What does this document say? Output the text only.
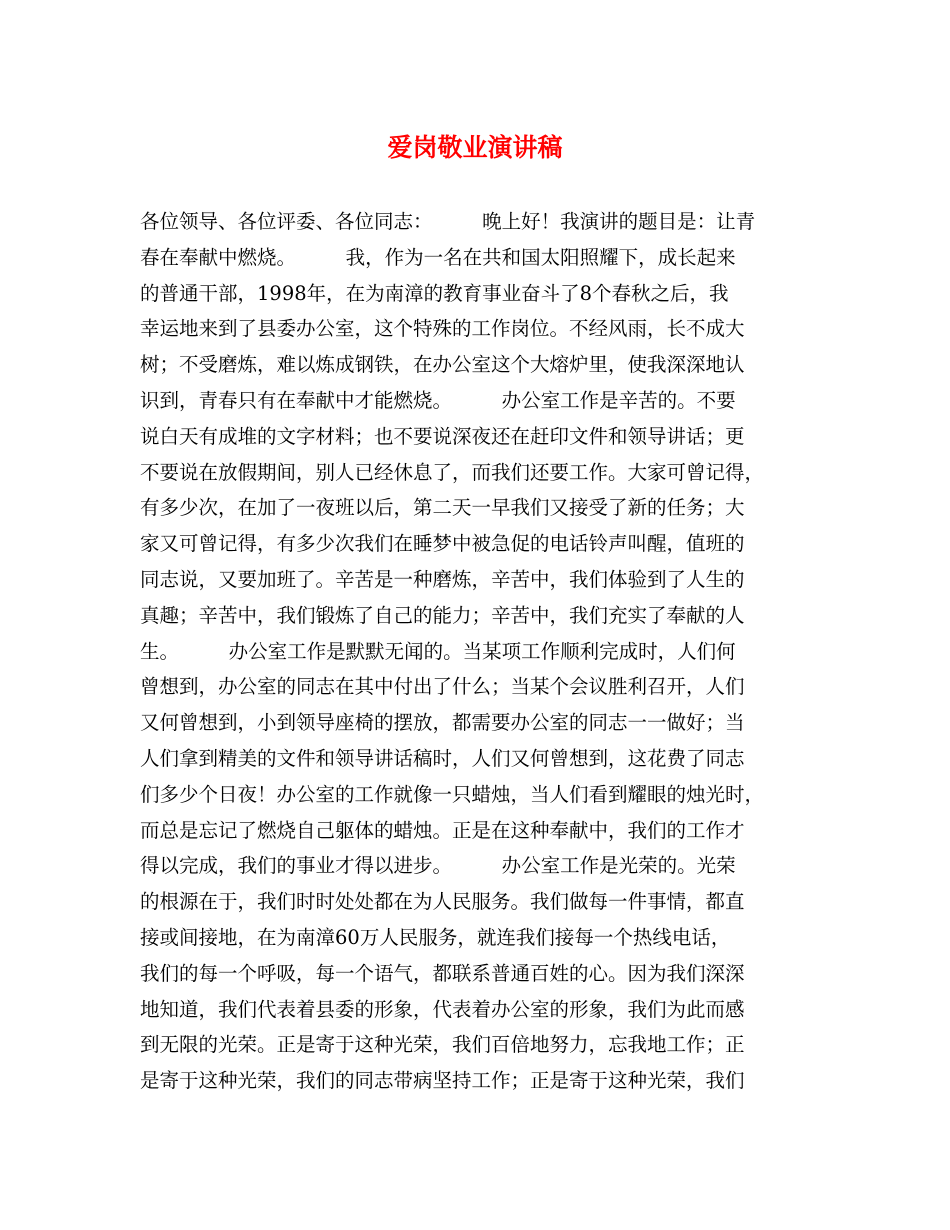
爱岗敬业演讲稿
各位领导、各位评委、各位同志：        晚上好！我演讲的题目是：让青
春在奉献中燃烧。        我，作为一名在共和国太阳照耀下，成长起来
的普通干部，1998年，在为南漳的教育事业奋斗了8个春秋之后，我
幸运地来到了县委办公室，这个特殊的工作岗位。不经风雨，长不成大
树；不受磨炼，难以炼成钢铁，在办公室这个大熔炉里，使我深深地认
识到，青春只有在奉献中才能燃烧。        办公室工作是辛苦的。不要
说白天有成堆的文字材料；也不要说深夜还在赶印文件和领导讲话；更
不要说在放假期间，别人已经休息了，而我们还要工作。大家可曾记得，
有多少次，在加了一夜班以后，第二天一早我们又接受了新的任务；大
家又可曾记得，有多少次我们在睡梦中被急促的电话铃声叫醒，值班的
同志说，又要加班了。辛苦是一种磨炼，辛苦中，我们体验到了人生的
真趣；辛苦中，我们锻炼了自己的能力；辛苦中，我们充实了奉献的人
生。        办公室工作是默默无闻的。当某项工作顺利完成时，人们何
曾想到，办公室的同志在其中付出了什么；当某个会议胜利召开，人们
又何曾想到，小到领导座椅的摆放，都需要办公室的同志一一做好；当
人们拿到精美的文件和领导讲话稿时，人们又何曾想到，这花费了同志
们多少个日夜！办公室的工作就像一只蜡烛，当人们看到耀眼的烛光时，
而总是忘记了燃烧自己躯体的蜡烛。正是在这种奉献中，我们的工作才
得以完成，我们的事业才得以进步。        办公室工作是光荣的。光荣
的根源在于，我们时时处处都在为人民服务。我们做每一件事情，都直
接或间接地，在为南漳60万人民服务，就连我们接每一个热线电话，
我们的每一个呼吸，每一个语气，都联系普通百姓的心。因为我们深深
地知道，我们代表着县委的形象，代表着办公室的形象，我们为此而感
到无限的光荣。正是寄于这种光荣，我们百倍地努力，忘我地工作；正
是寄于这种光荣，我们的同志带病坚持工作；正是寄于这种光荣，我们
